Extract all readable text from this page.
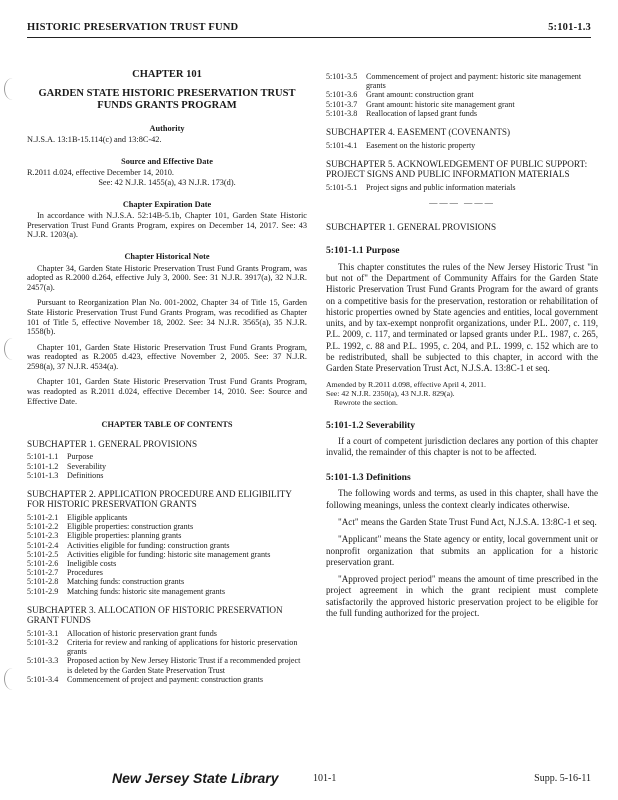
HISTORIC PRESERVATION TRUST FUND	5:101-1.3
CHAPTER 101
GARDEN STATE HISTORIC PRESERVATION TRUST FUNDS GRANTS PROGRAM
Authority
N.J.S.A. 13:1B-15.114(c) and 13:8C-42.
Source and Effective Date
R.2011 d.024, effective December 14, 2010.
See: 42 N.J.R. 1455(a), 43 N.J.R. 173(d).
Chapter Expiration Date
In accordance with N.J.S.A. 52:14B-5.1b, Chapter 101, Garden State Historic Preservation Trust Fund Grants Program, expires on December 14, 2017. See: 43 N.J.R. 1203(a).
Chapter Historical Note
Chapter 34, Garden State Historic Preservation Trust Fund Grants Program, was adopted as R.2000 d.264, effective July 3, 2000. See: 31 N.J.R. 3917(a), 32 N.J.R. 2457(a).
Pursuant to Reorganization Plan No. 001-2002, Chapter 34 of Title 15, Garden State Historic Preservation Trust Fund Grants Program, was recodified as Chapter 101 of Title 5, effective November 18, 2002. See: 34 N.J.R. 3565(a), 35 N.J.R. 1558(b).
Chapter 101, Garden State Historic Preservation Trust Fund Grants Program, was readopted as R.2005 d.423, effective November 2, 2005. See: 37 N.J.R. 2598(a), 37 N.J.R. 4534(a).
Chapter 101, Garden State Historic Preservation Trust Fund Grants Program, was readopted as R.2011 d.024, effective December 14, 2010. See: Source and Effective Date.
CHAPTER TABLE OF CONTENTS
SUBCHAPTER 1. GENERAL PROVISIONS
5:101-1.1	Purpose
5:101-1.2	Severability
5:101-1.3	Definitions
SUBCHAPTER 2. APPLICATION PROCEDURE AND ELIGIBILITY FOR HISTORIC PRESERVATION GRANTS
5:101-2.1	Eligible applicants
5:101-2.2	Eligible properties: construction grants
5:101-2.3	Eligible properties: planning grants
5:101-2.4	Activities eligible for funding: construction grants
5:101-2.5	Activities eligible for funding: historic site management grants
5:101-2.6	Ineligible costs
5:101-2.7	Procedures
5:101-2.8	Matching funds: construction grants
5:101-2.9	Matching funds: historic site management grants
SUBCHAPTER 3. ALLOCATION OF HISTORIC PRESERVATION GRANT FUNDS
5:101-3.1	Allocation of historic preservation grant funds
5:101-3.2	Criteria for review and ranking of applications for historic preservation grants
5:101-3.3	Proposed action by New Jersey Historic Trust if a recommended project is deleted by the Garden State Preservation Trust
5:101-3.4	Commencement of project and payment: construction grants
5:101-3.5	Commencement of project and payment: historic site management grants
5:101-3.6	Grant amount: construction grant
5:101-3.7	Grant amount: historic site management grant
5:101-3.8	Reallocation of lapsed grant funds
SUBCHAPTER 4. EASEMENT (COVENANTS)
5:101-4.1	Easement on the historic property
SUBCHAPTER 5. ACKNOWLEDGEMENT OF PUBLIC SUPPORT: PROJECT SIGNS AND PUBLIC INFORMATION MATERIALS
5:101-5.1	Project signs and public information materials
——— ———
SUBCHAPTER 1. GENERAL PROVISIONS
5:101-1.1 Purpose
This chapter constitutes the rules of the New Jersey Historic Trust "in but not of" the Department of Community Affairs for the Garden State Historic Preservation Trust Fund Grants Program for the award of grants on a competitive basis for the preservation, restoration or rehabilitation of historic properties owned by State agencies and entities, local government units, and by tax-exempt nonprofit organizations, under P.L. 2007, c. 119, P.L. 2009, c. 117, and terminated or lapsed grants under P.L. 1987, c. 265, P.L. 1992, c. 88 and P.L. 1995, c. 204, and P.L. 1999, c. 152 which are to be redistributed, shall be subjected to this chapter, in accord with the Garden State Preservation Trust Act, N.J.S.A. 13:8C-1 et seq.
Amended by R.2011 d.098, effective April 4, 2011.
See: 42 N.J.R. 2350(a), 43 N.J.R. 829(a).
Rewrote the section.
5:101-1.2 Severability
If a court of competent jurisdiction declares any portion of this chapter invalid, the remainder of this chapter is not to be affected.
5:101-1.3 Definitions
The following words and terms, as used in this chapter, shall have the following meanings, unless the context clearly indicates otherwise.
"Act" means the Garden State Trust Fund Act, N.J.S.A. 13:8C-1 et seq.
"Applicant" means the State agency or entity, local government unit or nonprofit organization that submits an application for a historic preservation grant.
"Approved project period" means the amount of time prescribed in the project agreement in which the grant recipient must complete satisfactorily the approved historic preservation project to be eligible for the full funding authorized for the project.
New Jersey State Library	101-1	Supp. 5-16-11
